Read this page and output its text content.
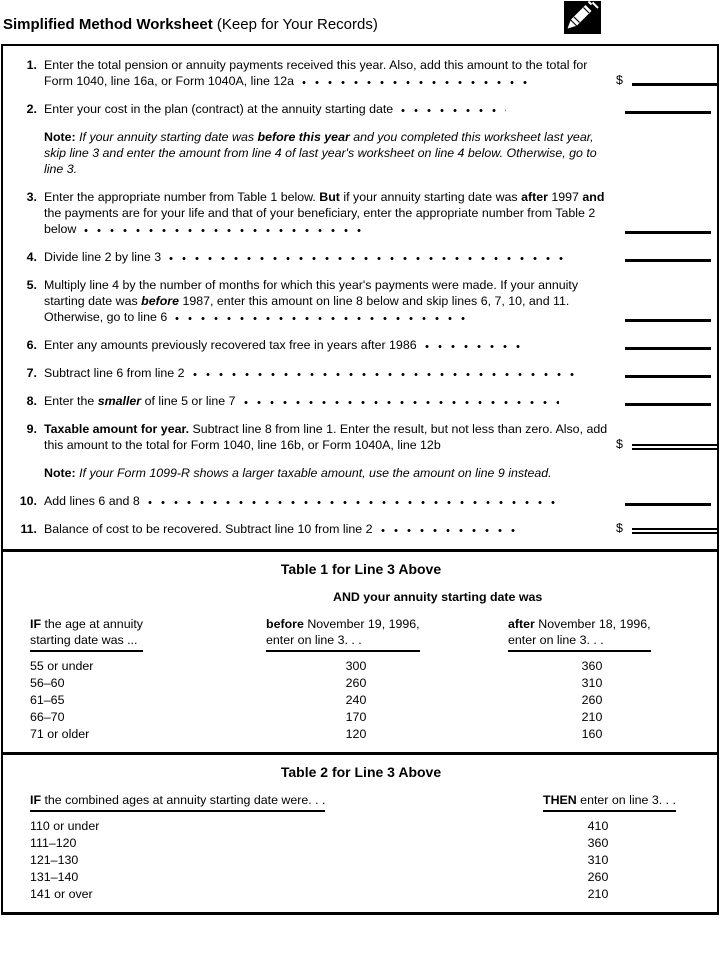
Simplified Method Worksheet (Keep for Your Records)
1. Enter the total pension or annuity payments received this year. Also, add this amount to the total for Form 1040, line 16a, or Form 1040A, line 12a	$
2. Enter your cost in the plan (contract) at the annuity starting date
Note: If your annuity starting date was before this year and you completed this worksheet last year, skip line 3 and enter the amount from line 4 of last year's worksheet on line 4 below. Otherwise, go to line 3.
3. Enter the appropriate number from Table 1 below. But if your annuity starting date was after 1997 and the payments are for your life and that of your beneficiary, enter the appropriate number from Table 2 below
4. Divide line 2 by line 3
5. Multiply line 4 by the number of months for which this year's payments were made. If your annuity starting date was before 1987, enter this amount on line 8 below and skip lines 6, 7, 10, and 11. Otherwise, go to line 6
6. Enter any amounts previously recovered tax free in years after 1986
7. Subtract line 6 from line 2
8. Enter the smaller of line 5 or line 7
9. Taxable amount for year. Subtract line 8 from line 1. Enter the result, but not less than zero. Also, add this amount to the total for Form 1040, line 16b, or Form 1040A, line 12b	$
Note: If your Form 1099-R shows a larger taxable amount, use the amount on line 9 instead.
10. Add lines 6 and 8
11. Balance of cost to be recovered. Subtract line 10 from line 2	$
Table 1 for Line 3 Above
AND your annuity starting date was
IF the age at annuity
starting date was ...
before November 19, 1996,
enter on line 3. . .
after November 18, 1996,
enter on line 3. . .
55 or under	300	360
56–60	260	310
61–65	240	260
66–70	170	210
71 or older	120	160
Table 2 for Line 3 Above
IF the combined ages at annuity starting date were. . .	THEN enter on line 3. . .
110 or under	410
111–120	360
121–130	310
131–140	260
141 or over	210
